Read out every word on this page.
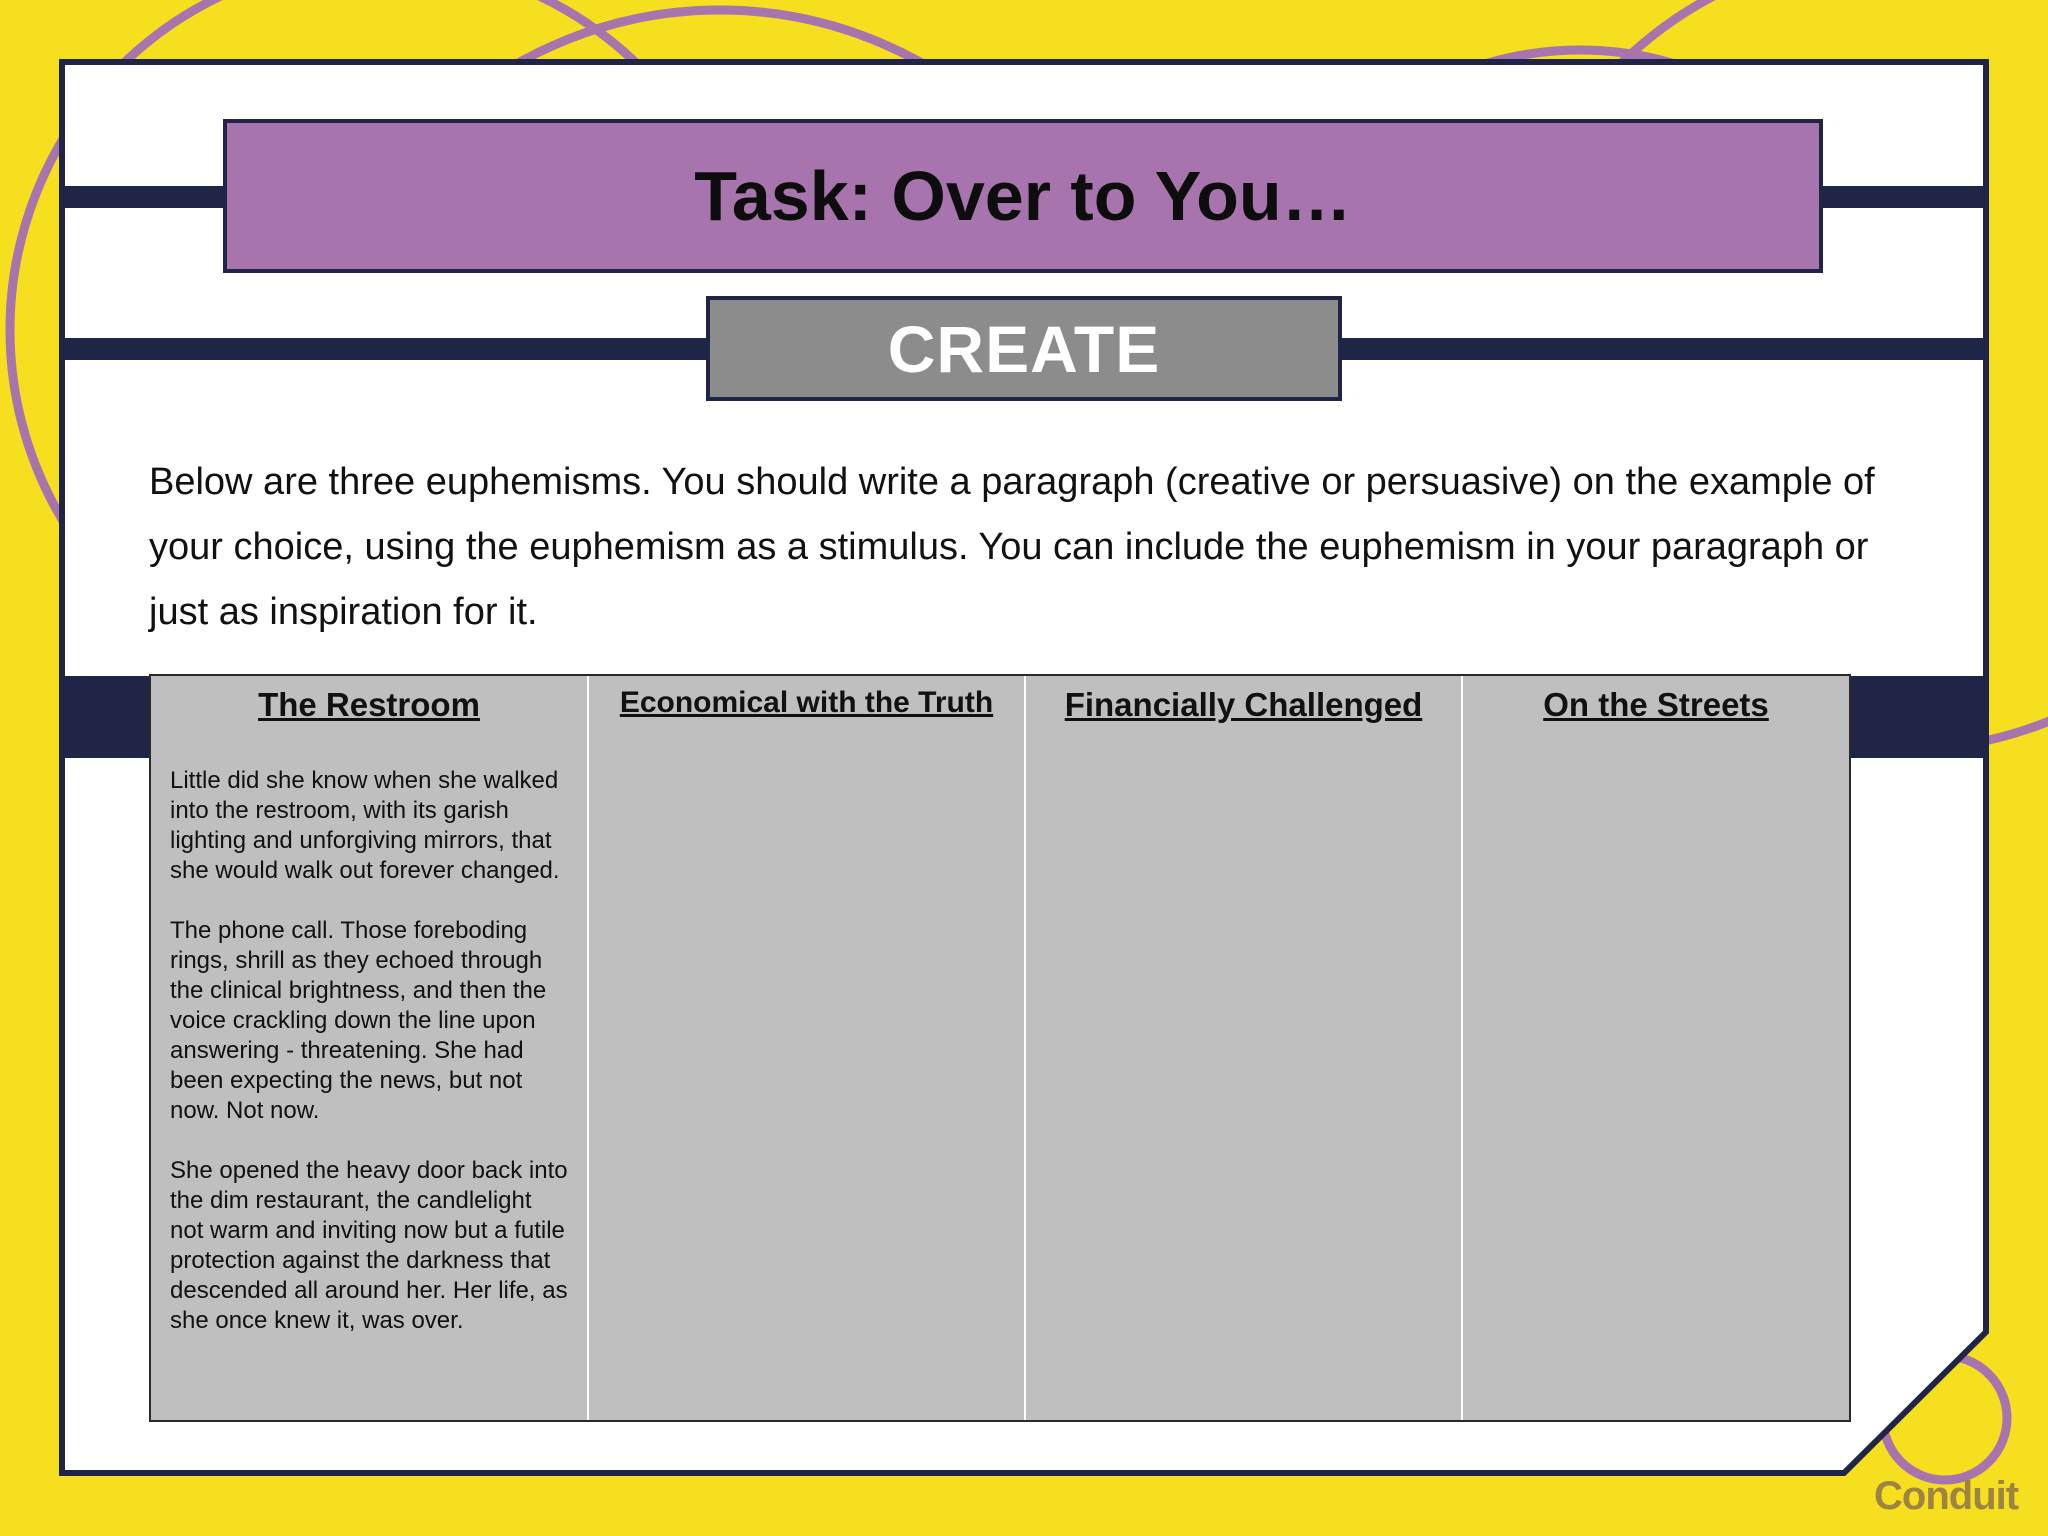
Task: Over to You…
CREATE

Below are three euphemisms. You should write a paragraph (creative or persuasive) on the example of your choice, using the euphemism as a stimulus. You can include the euphemism in your paragraph or just as inspiration for it.

The Restroom

Little did she know when she walked into the restroom, with its garish lighting and unforgiving mirrors, that she would walk out forever changed.

The phone call. Those foreboding rings, shrill as they echoed through the clinical brightness, and then the voice crackling down the line upon answering - threatening. She had been expecting the news, but not now. Not now.

She opened the heavy door back into the dim restaurant, the candlelight not warm and inviting now but a futile protection against the darkness that descended all around her. Her life, as she once knew it, was over.

Economical with the Truth	Financially Challenged	On the Streets
Conduit
